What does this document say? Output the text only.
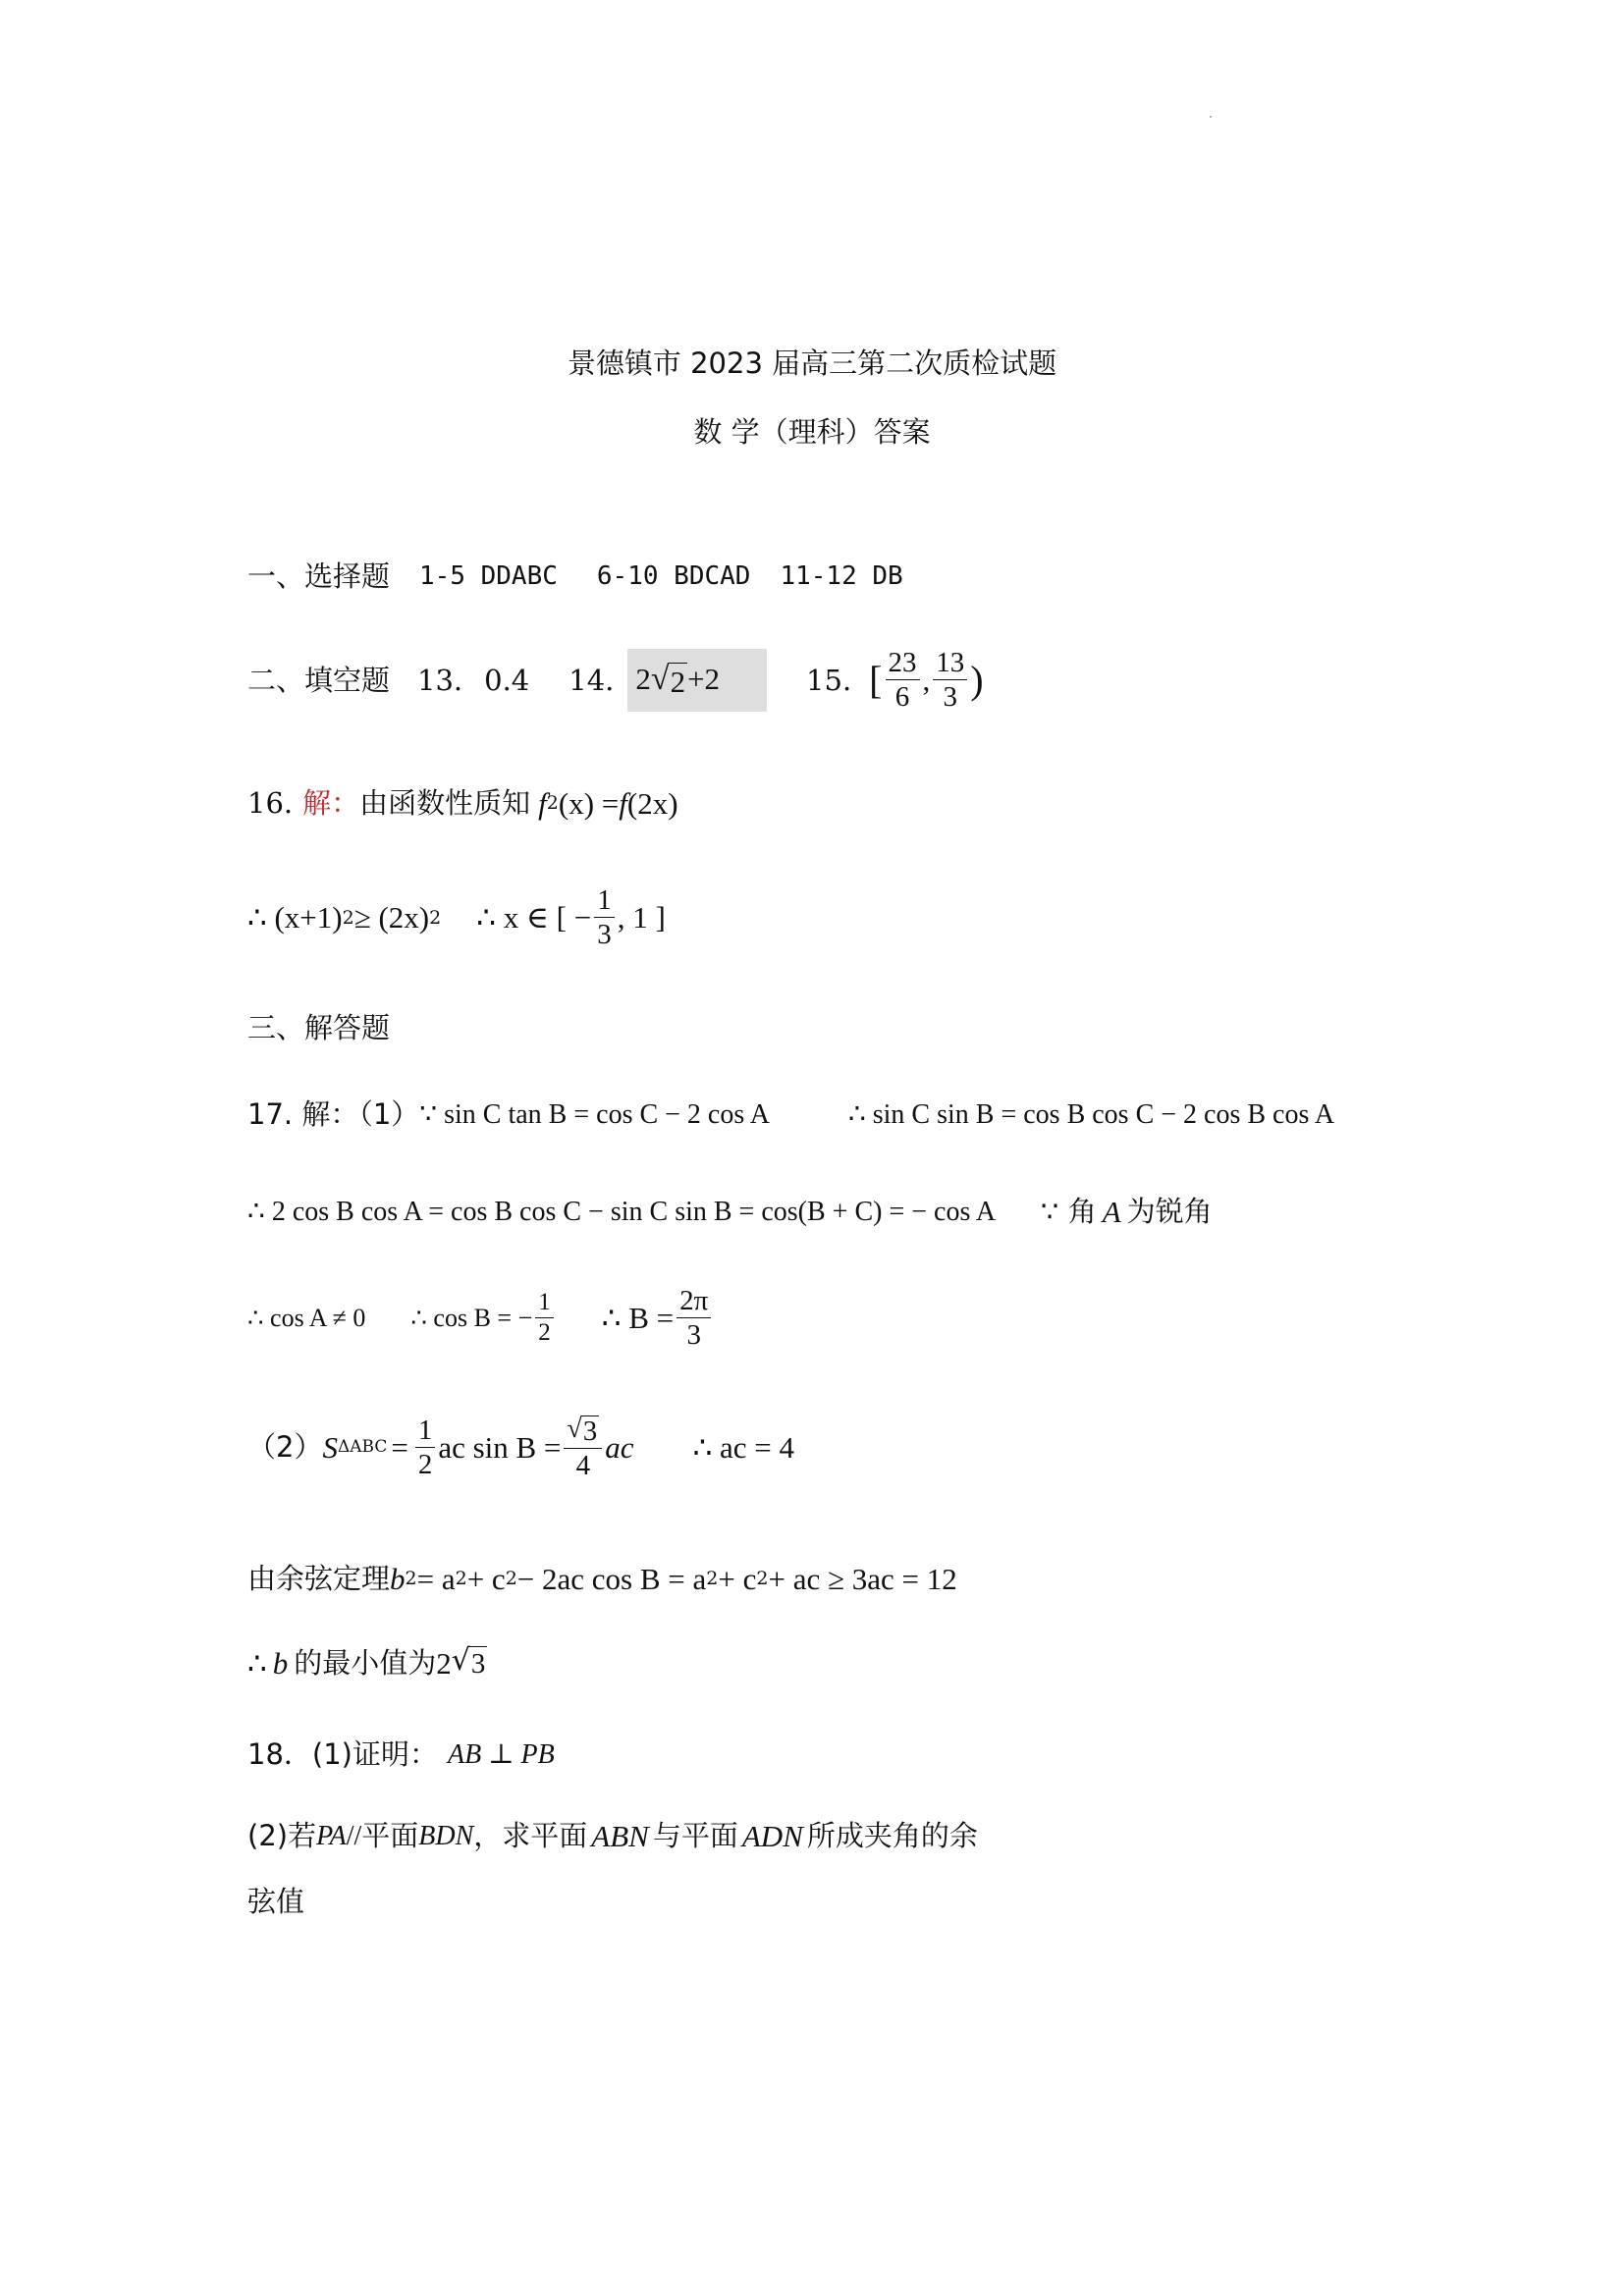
景德镇市 2023 届高三第二次质检试题
数 学（理科）答案
一、选择题 1-5 DDABC 6-10 BDCAD 11-12 DB
二、填空题 13. 0.4 14. 2 √ 2 +2	15. [ $\frac{23}{6}$ , $\frac{13}{3}$ )
16. 解： 由函数性质知 f 2 (x) = f (2x)
∴ (x+1) 2 ≥ (2x) 2 ∴ x ∈ [ − $\frac{1}{3}$ , 1 ]
三、解答题
17. 解：（1） ∵ sin C tan B = cos C − 2 cos A	∴ sin C sin B = cos B cos C − 2 cos B cos A
∴ 2 cos B cos A = cos B cos C − sin C sin B = cos(B + C) = − cos A ∵ 角 A 为锐角
∴ cos A ≠ 0 ∴ cos B = − $\frac{1}{2}$ ∴ $B = \frac{2\pi}{3}$
（2） S $\Delta ABC = \frac{1}{2}$ ac $\sin B = \frac{√ 3}{4}$ ac ∴ ac = 4
由余弦定理 b 2 = a 2 + c 2 − 2ac cos B = a 2 + c 2 + ac ≥ 3ac = 12
∴ b 的最小值为 2 √ 3
18．(1)证明： AB ⊥ PB
(2)若 PA // 平面 BDN ，求平面 ABN 与平面 ADN 所成夹角的余
弦值
